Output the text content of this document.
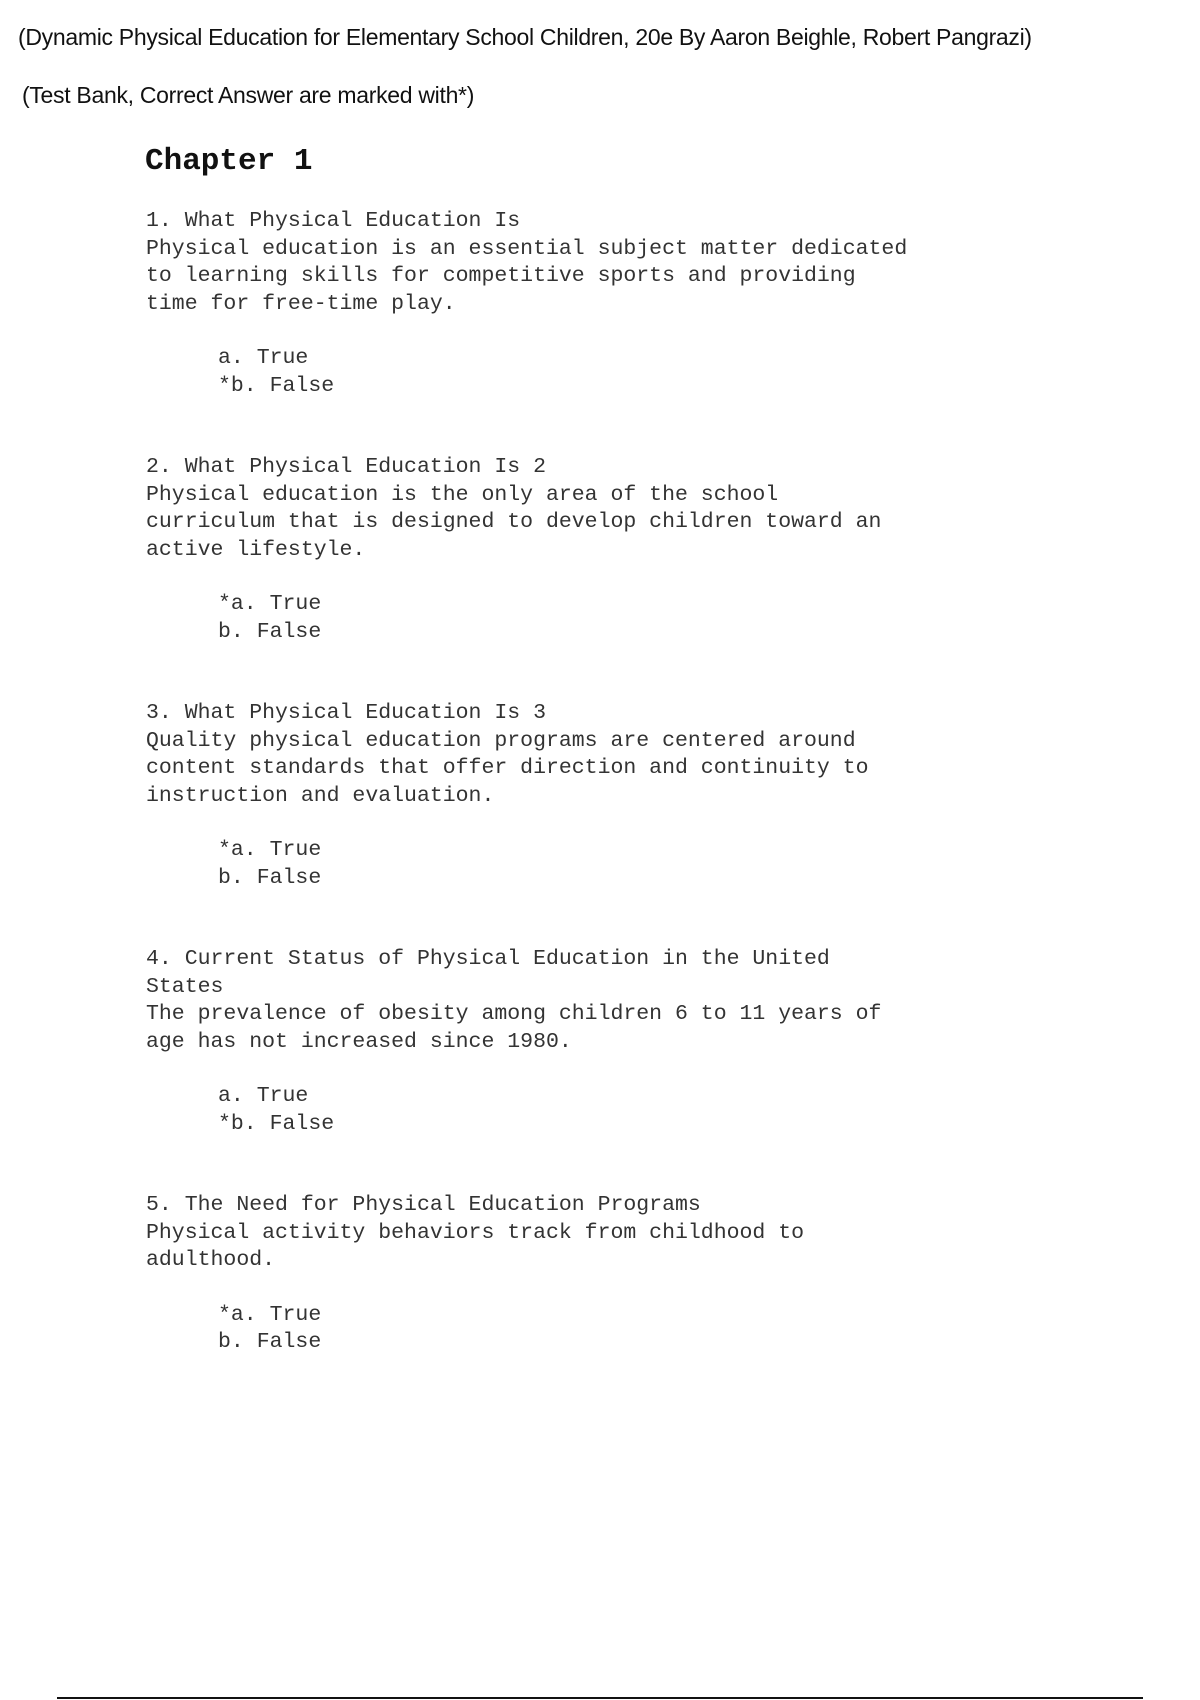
(Dynamic Physical Education for Elementary School Children, 20e By Aaron Beighle, Robert Pangrazi)
(Test Bank, Correct Answer are marked with*)
Chapter 1
1. What Physical Education Is
Physical education is an essential subject matter dedicated
to learning skills for competitive sports and providing
time for free-time play.
a. True
*b. False
2. What Physical Education Is 2
Physical education is the only area of the school
curriculum that is designed to develop children toward an
active lifestyle.
*a. True
b. False
3. What Physical Education Is 3
Quality physical education programs are centered around
content standards that offer direction and continuity to
instruction and evaluation.
*a. True
b. False
4. Current Status of Physical Education in the United
States
The prevalence of obesity among children 6 to 11 years of
age has not increased since 1980.
a. True
*b. False
5. The Need for Physical Education Programs
Physical activity behaviors track from childhood to
adulthood.
*a. True
b. False
